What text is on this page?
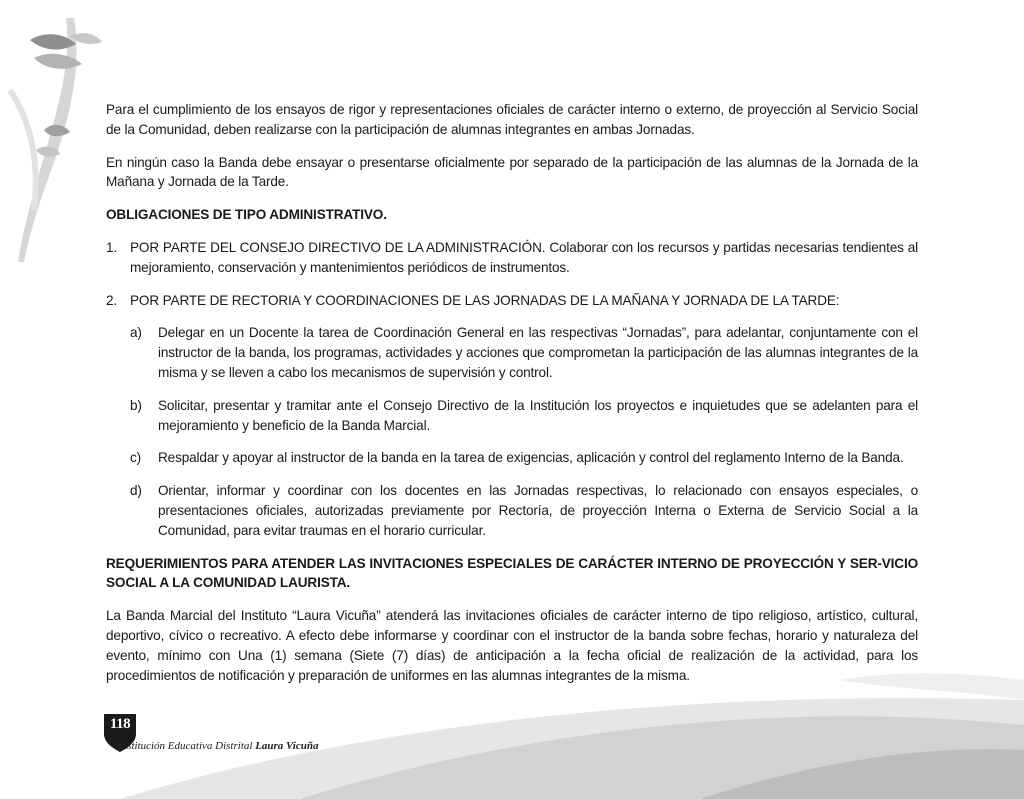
Para el cumplimiento de los ensayos de rigor y representaciones oficiales de carácter interno o externo, de proyección al Servicio Social de la Comunidad, deben realizarse con la participación de alumnas integrantes en ambas Jornadas.

En ningún caso la Banda debe ensayar o presentarse oficialmente por separado de la participación de las alumnas de la Jornada de la Mañana y Jornada de la Tarde.

OBLIGACIONES DE TIPO ADMINISTRATIVO.

1. POR PARTE DEL CONSEJO DIRECTIVO DE LA ADMINISTRACIÓN. Colaborar con los recursos y partidas necesarias tendientes al mejoramiento, conservación y mantenimientos periódicos de instrumentos.
2. POR PARTE DE RECTORIA Y COORDINACIONES DE LAS JORNADAS DE LA MAÑANA Y JORNADA DE LA TARDE:
a)	Delegar en un Docente la tarea de Coordinación General en las respectivas “Jornadas”, para adelantar, conjuntamente con el instructor de la banda, los programas, actividades y acciones que comprometan la participación de las alumnas integrantes de la misma y se lleven a cabo los mecanismos de supervisión y control.
b)	Solicitar, presentar y tramitar ante el Consejo Directivo de la Institución los proyectos e inquietudes que se adelanten para el mejoramiento y beneficio de la Banda Marcial.
c)	Respaldar y apoyar al instructor de la banda en la tarea de exigencias, aplicación y control del reglamento Interno de la Banda.
d)	Orientar, informar y coordinar con los docentes en las Jornadas respectivas, lo relacionado con ensayos especiales, o presentaciones oficiales, autorizadas previamente por Rectoría, de proyección Interna o Externa de Servicio Social a la Comunidad, para evitar traumas en el horario curricular.

REQUERIMIENTOS PARA ATENDER LAS INVITACIONES ESPECIALES DE CARÁCTER INTERNO DE PROYECCIÓN Y SER-VICIO SOCIAL A LA COMUNIDAD LAURISTA.

La Banda Marcial del Instituto “Laura Vicuña” atenderá las invitaciones oficiales de carácter interno de tipo religioso, artístico, cultural, deportivo, cívico o recreativo. A efecto debe informarse y coordinar con el instructor de la banda sobre fechas, horario y naturaleza del evento, mínimo con Una (1) semana (Siete (7) días) de anticipación a la fecha oficial de realización de la actividad, para los procedimientos de notificación y preparación de uniformes en las alumnas integrantes de la misma.

118
Institución Educativa Distrital Laura Vicuña
